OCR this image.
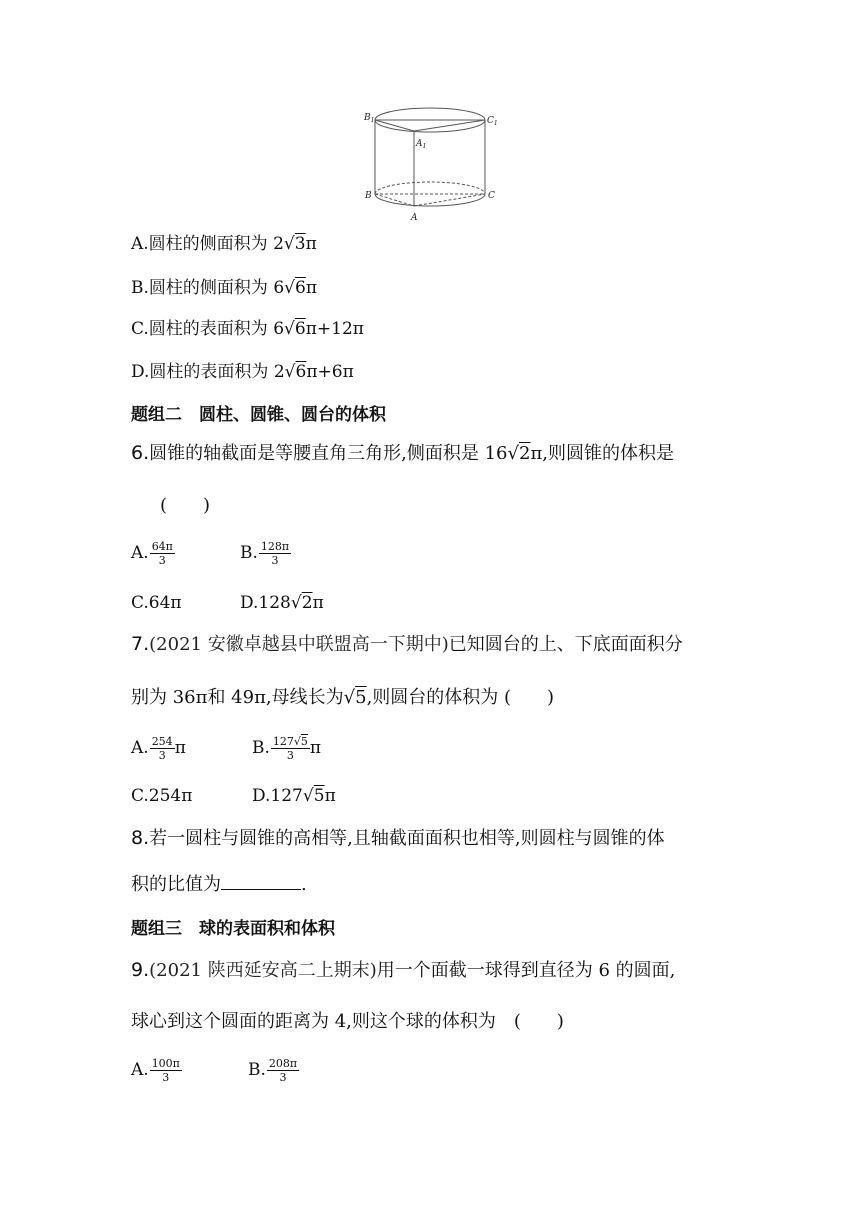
$B_1$	$C_1$
$A_1$
B	C
A
A.圆柱的侧面积为 2√3π
B.圆柱的侧面积为 6√6π
C.圆柱的表面积为 6√6π+12π
D.圆柱的表面积为 2√6π+6π
题组二　圆柱、圆锥、圆台的体积
6.圆锥的轴截面是等腰直角三角形,侧面积是 16√2π,则圆锥的体积是
(　　)
A. $\frac{64\pi}{3}$	B. $\frac{128\pi}{3}$
C.64π	D.128√2π
7.(2021 安徽卓越县中联盟高一下期中)已知圆台的上、下底面面积分
别为 36π和 49π,母线长为√5,则圆台的体积为 (　　)
A. $\frac{254}{3}$ π	B. $\frac{127√5}{3}$ π
C.254π	D.127√5π
8.若一圆柱与圆锥的高相等,且轴截面面积也相等,则圆柱与圆锥的体
积的比值为	.
题组三　球的表面积和体积
9.(2021 陕西延安高二上期末)用一个面截一球得到直径为 6 的圆面,
球心到这个圆面的距离为 4,则这个球的体积为　(　　)
A. $\frac{100\pi}{3}$	B. $\frac{208\pi}{3}$
